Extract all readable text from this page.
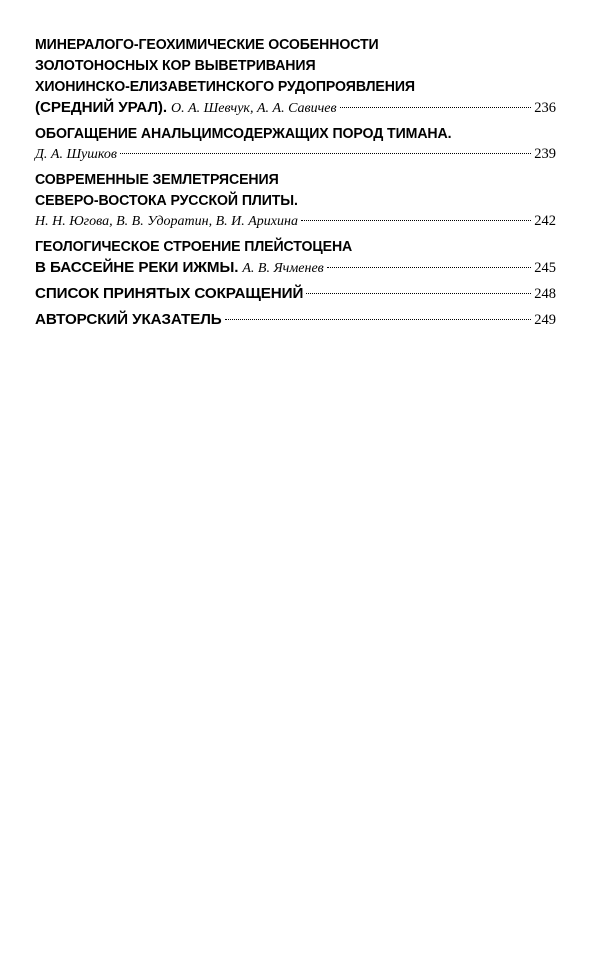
МИНЕРАЛОГО-ГЕОХИМИЧЕСКИЕ ОСОБЕННОСТИ
ЗОЛОТОНОСНЫХ КОР ВЫВЕТРИВАНИЯ
ХИОНИНСКО-ЕЛИЗАВЕТИНСКОГО РУДОПРОЯВЛЕНИЯ
(СРЕДНИЙ УРАЛ). О. А. Шевчук, А. А. Савичев	236
ОБОГАЩЕНИЕ АНАЛЬЦИМСОДЕРЖАЩИХ ПОРОД ТИМАНА.
Д. А. Шушков	239
СОВРЕМЕННЫЕ ЗЕМЛЕТРЯСЕНИЯ
СЕВЕРО-ВОСТОКА РУССКОЙ ПЛИТЫ.
Н. Н. Югова, В. В. Удоратин, В. И. Арихина	242
ГЕОЛОГИЧЕСКОЕ СТРОЕНИЕ ПЛЕЙСТОЦЕНА
В БАССЕЙНЕ РЕКИ ИЖМЫ. А. В. Ячменев	245
СПИСОК ПРИНЯТЫХ СОКРАЩЕНИЙ	248
АВТОРСКИЙ УКАЗАТЕЛЬ	249
